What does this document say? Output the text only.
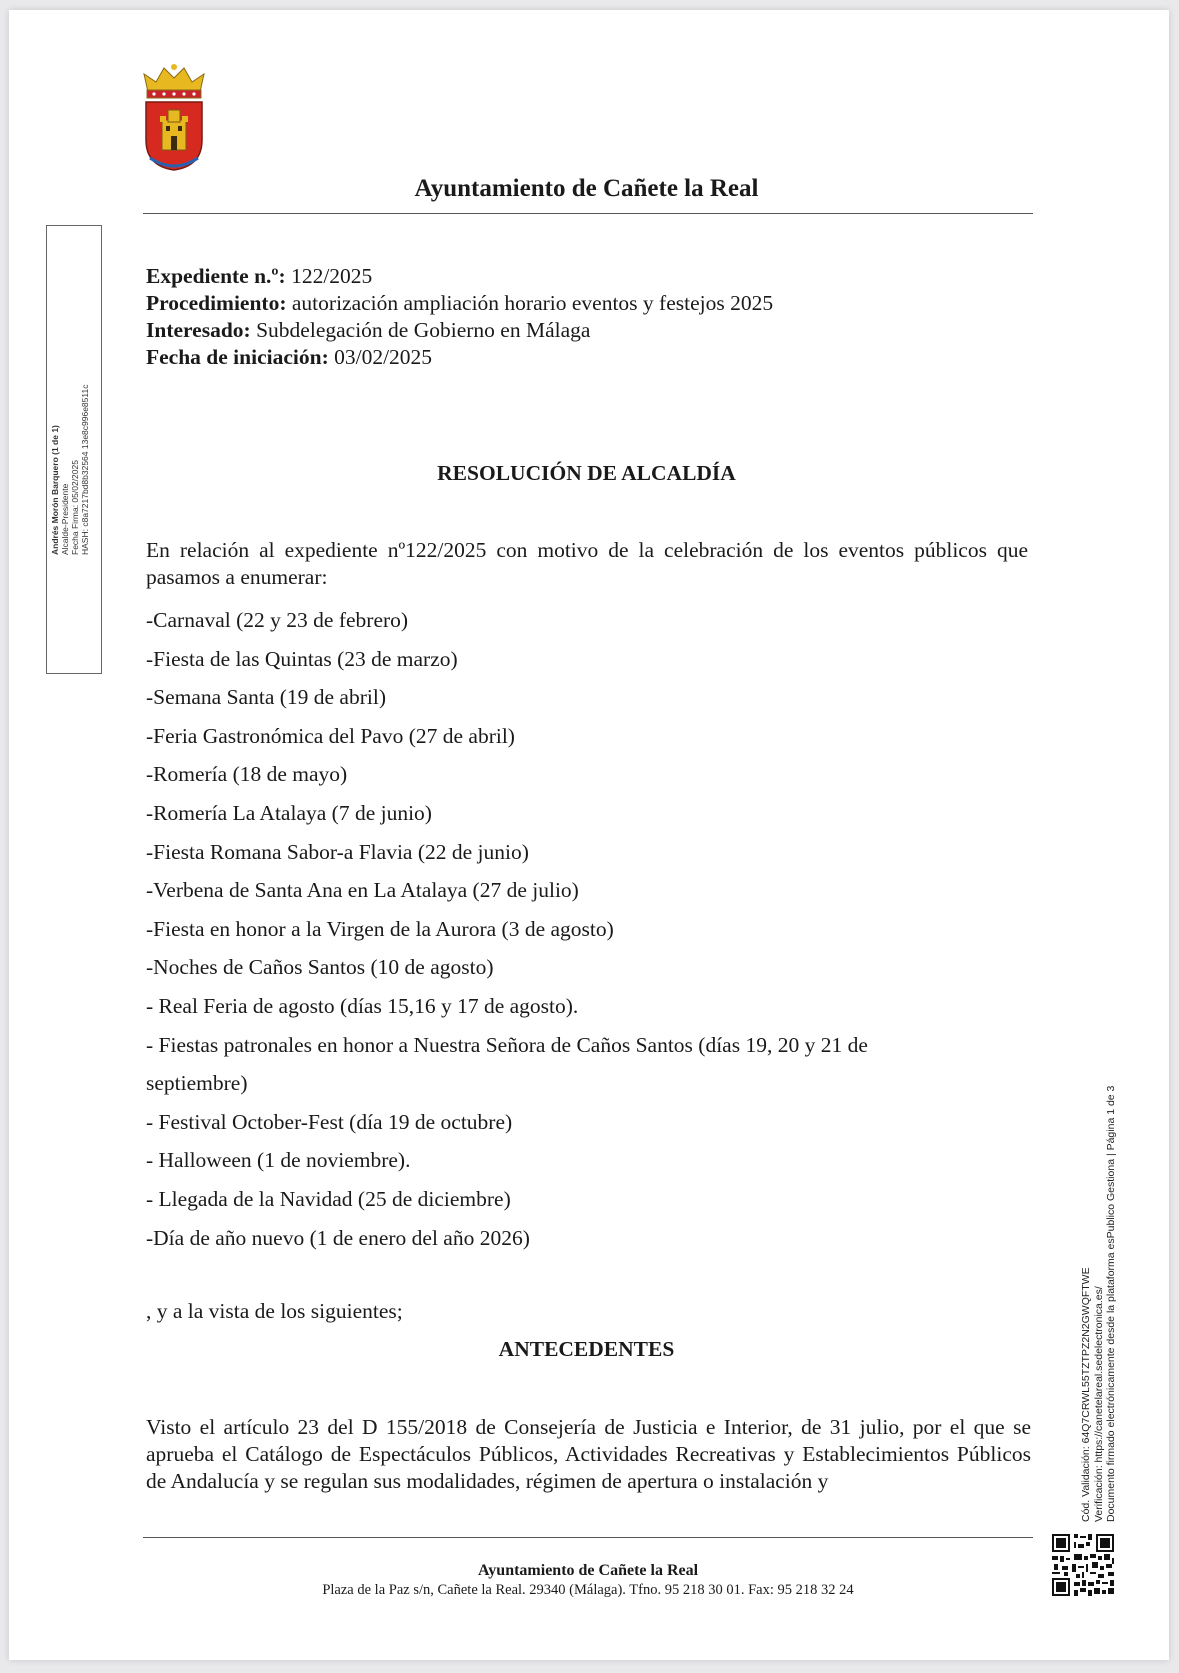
Ayuntamiento de Cañete la Real
Andrés Morón Barquero (1 de 1) Alcalde-Presidente Fecha Firma: 05/02/2025 HASH: c8a7217bd8b32564 13e8c996e8511c
Expediente n.º: 122/2025
Procedimiento: autorización ampliación horario eventos y festejos 2025
Interesado: Subdelegación de Gobierno en Málaga
Fecha de iniciación: 03/02/2025
RESOLUCIÓN DE ALCALDÍA
En relación al expediente nº122/2025 con motivo de la celebración de los eventos públicos que pasamos a enumerar:
-Carnaval (22 y 23 de febrero)
-Fiesta de las Quintas (23 de marzo)
-Semana Santa (19 de abril)
-Feria Gastronómica del Pavo (27 de abril)
-Romería (18 de mayo)
-Romería La Atalaya (7 de junio)
-Fiesta Romana Sabor-a Flavia (22 de junio)
-Verbena de Santa Ana en La Atalaya (27 de julio)
-Fiesta en honor a la Virgen de la Aurora (3 de agosto)
-Noches de Caños Santos (10 de agosto)
- Real Feria de agosto (días 15,16 y 17 de agosto).
- Fiestas patronales en honor a Nuestra Señora de Caños Santos (días 19, 20 y 21 de
septiembre)
- Festival October-Fest (día 19 de octubre)
- Halloween (1 de noviembre).
- Llegada de la Navidad (25 de diciembre)
-Día de año nuevo (1 de enero del año 2026)
, y a la vista de los siguientes;
ANTECEDENTES
Visto el artículo 23 del D 155/2018 de Consejería de Justicia e Interior, de 31 julio, por el que se aprueba el Catálogo de Espectáculos Públicos, Actividades Recreativas y Establecimientos Públicos de Andalucía y se regulan sus modalidades, régimen de apertura o instalación y
Ayuntamiento de Cañete la Real
Plaza de la Paz s/n, Cañete la Real. 29340 (Málaga). Tfno. 95 218 30 01. Fax: 95 218 32 24
Cód. Validación: 64Q7CRWL55TZTPZ2N2GWQFTWE Verificación: https://canetelareal.sedelectronica.es/ Documento firmado electrónicamente desde la plataforma esPublico Gestiona | Página 1 de 3
